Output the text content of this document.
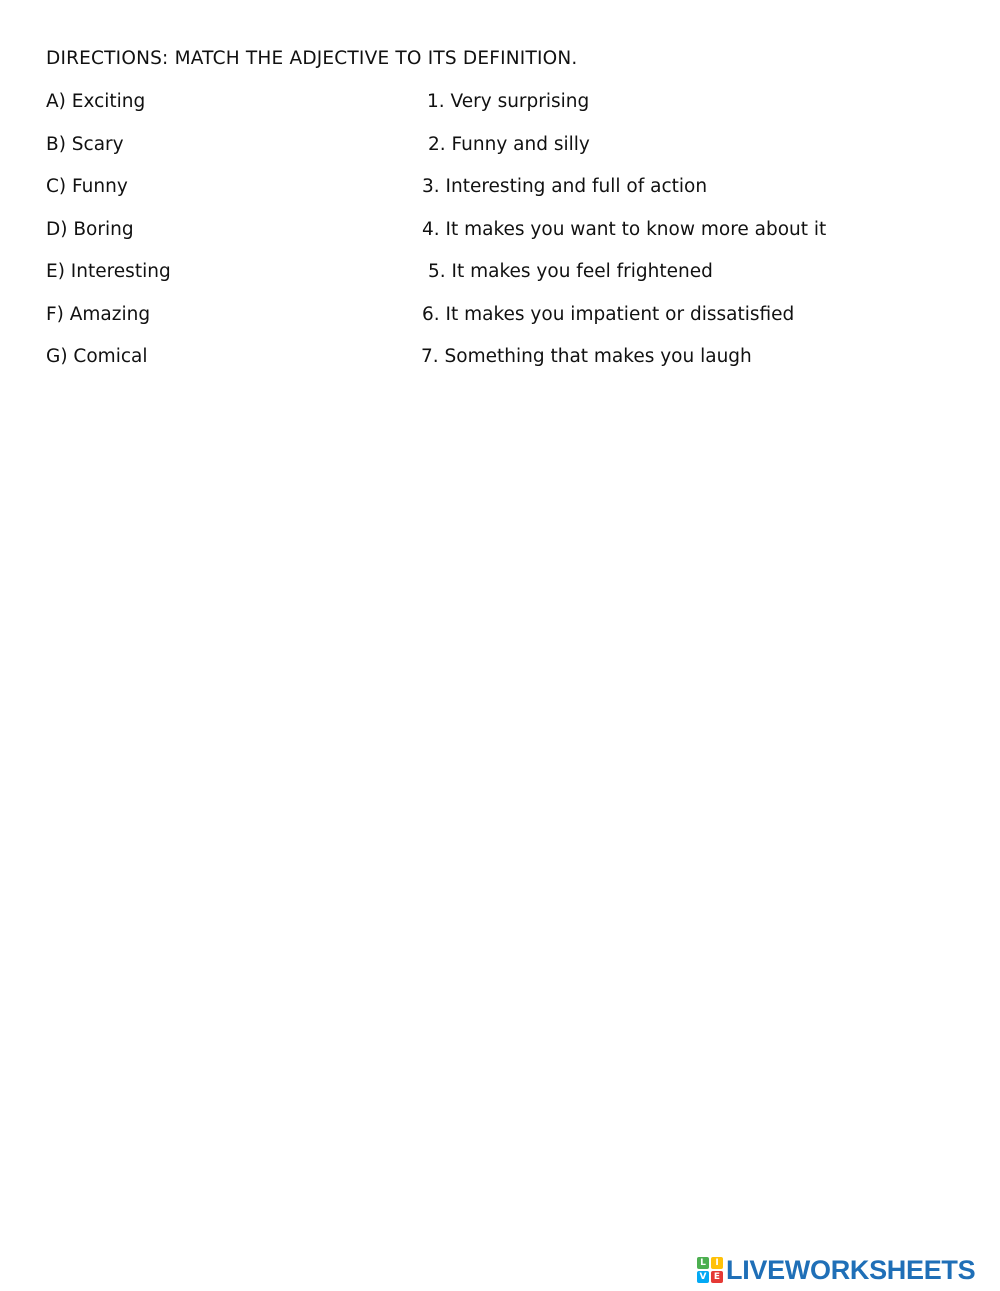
DIRECTIONS: MATCH THE ADJECTIVE TO ITS DEFINITION.
A) Exciting	1. Very surprising
B) Scary	2. Funny and silly
C) Funny	3. Interesting and full of action
D) Boring	4. It makes you want to know more about it
E) Interesting	5. It makes you feel frightened
F) Amazing	6. It makes you impatient or dissatisfied
G) Comical	7. Something that makes you laugh
L	I
V E LIVEWORKSHEETS
